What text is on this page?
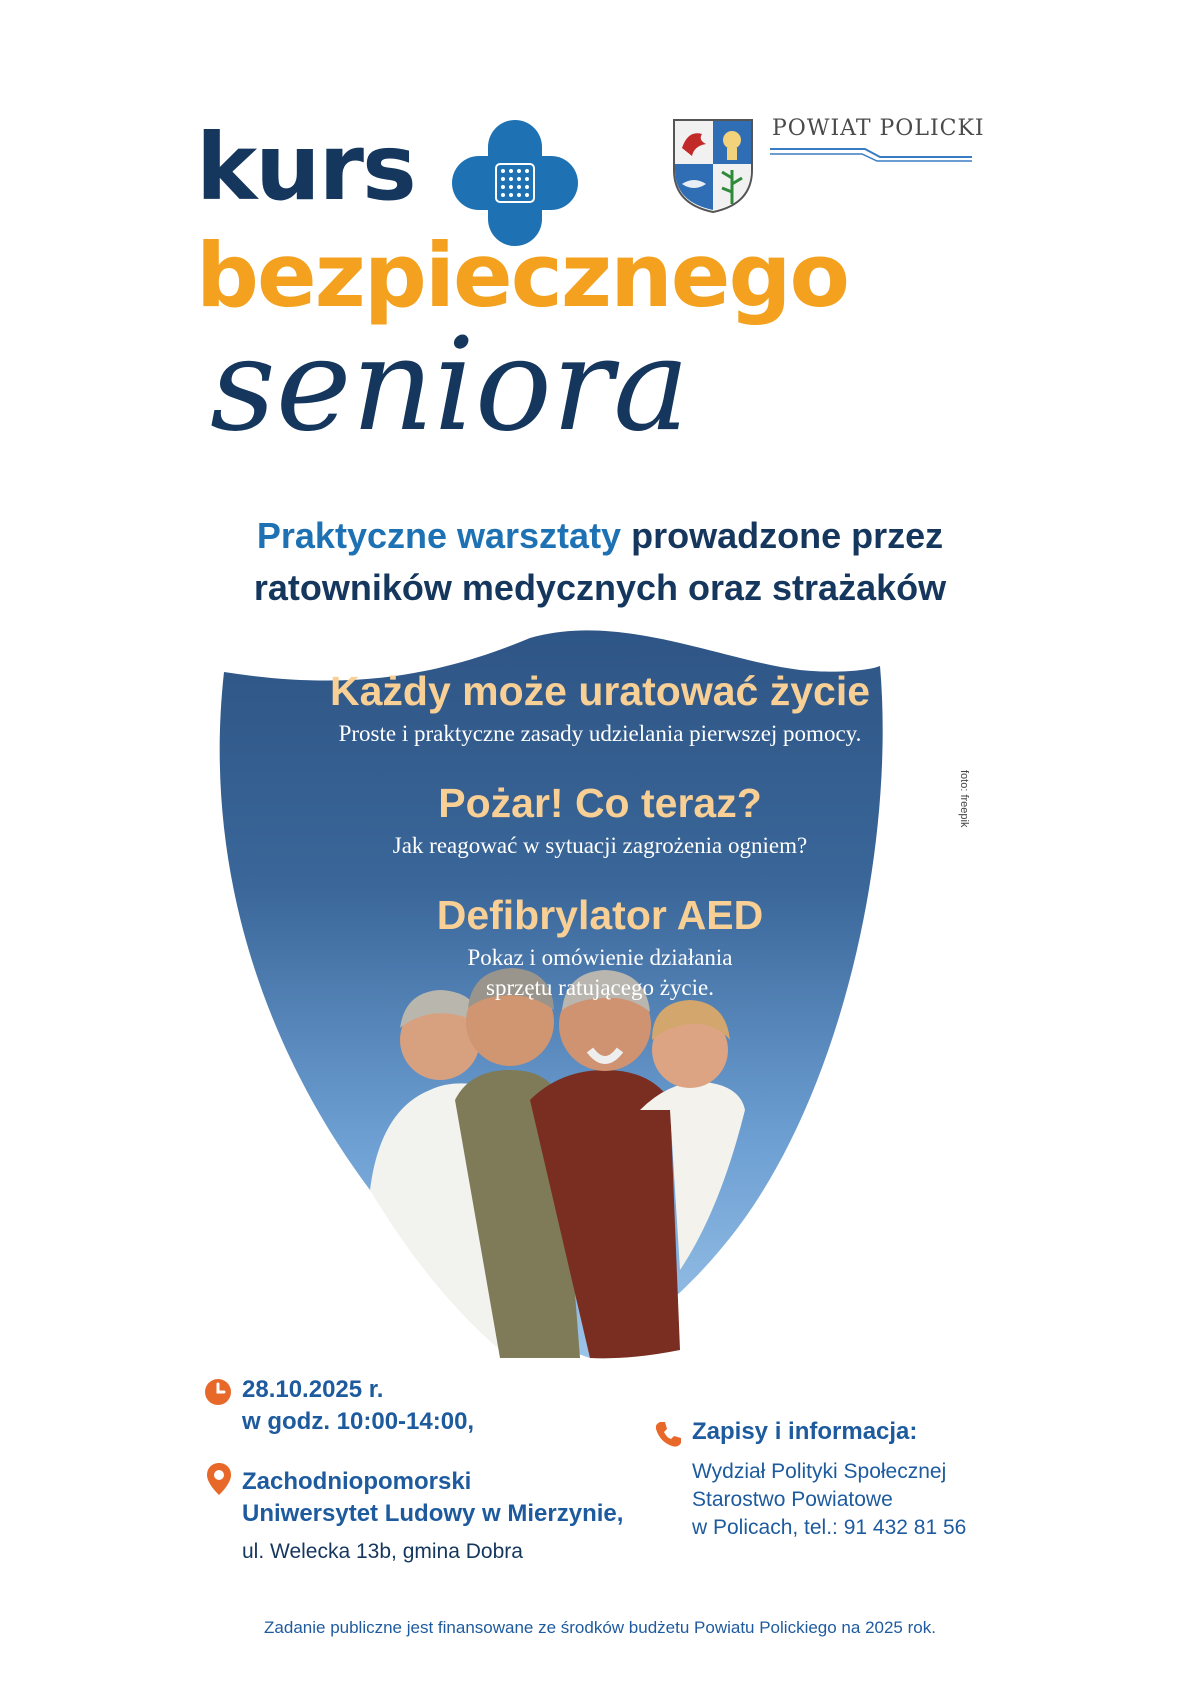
kurs
bezpiecznego
seniora
POWIAT POLICKI
Praktyczne warsztaty prowadzone przez
ratowników medycznych oraz strażaków
Każdy może uratować życie
Proste i praktyczne zasady udzielania pierwszej pomocy.
Pożar! Co teraz?
Jak reagować w sytuacji zagrożenia ogniem?
Defibrylator AED
Pokaz i omówienie działania
sprzętu ratującego życie.
foto: freepik
28.10.2025 r.
w godz. 10:00-14:00,
Zachodniopomorski
Uniwersytet Ludowy w Mierzynie,
ul. Welecka 13b, gmina Dobra
Zapisy i informacja:
Wydział Polityki Społecznej
Starostwo Powiatowe
w Policach, tel.: 91 432 81 56
Zadanie publiczne jest finansowane ze środków budżetu Powiatu Polickiego na 2025 rok.
